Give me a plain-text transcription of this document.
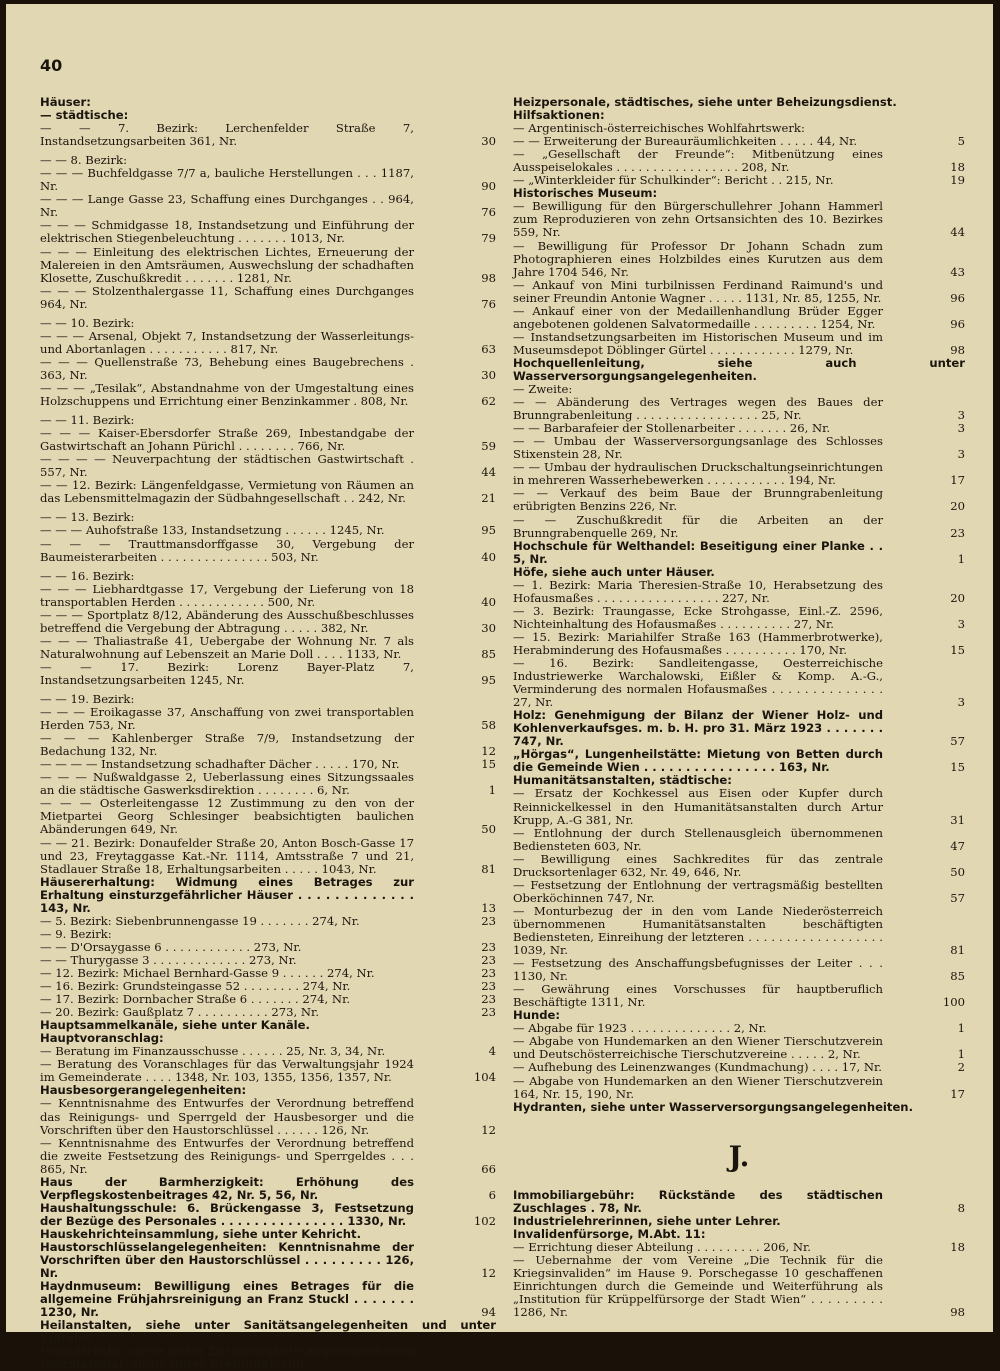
40
Häuser:
— städtische:
— — 7. Bezirk: Lerchenfelder Straße 7, Instandsetzungsarbeiten 361, Nr.	30
— — 8. Bezirk:
— — — Buchfeldgasse 7/7 a, bauliche Herstellungen . . . 1187, Nr.	90
— — — Lange Gasse 23, Schaffung eines Durchganges . . 964, Nr.	76
— — — Schmidgasse 18, Instandsetzung und Einführung der elektrischen Stiegenbeleuchtung . . . . . . . 1013, Nr.	79
— — — Einleitung des elektrischen Lichtes, Erneuerung der Malereien in den Amtsräumen, Auswechslung der schadhaften Klosette, Zuschußkredit . . . . . . . 1281, Nr.	98
— — — Stolzenthalergasse 11, Schaffung eines Durchganges 964, Nr.	76
— — 10. Bezirk:
— — — Arsenal, Objekt 7, Instandsetzung der Wasserleitungs- und Abortanlagen . . . . . . . . . . . 817, Nr.	63
— — — Quellenstraße 73, Behebung eines Baugebrechens . 363, Nr.	30
— — — „Tesilak“, Abstandnahme von der Umgestaltung eines Holzschuppens und Errichtung einer Benzinkammer . 808, Nr.	62
— — 11. Bezirk:
— — — Kaiser-Ebersdorfer Straße 269, Inbestandgabe der Gastwirtschaft an Johann Pürichl . . . . . . . . 766, Nr.	59
— — — — Neuverpachtung der städtischen Gastwirtschaft . 557, Nr.	44
— — 12. Bezirk: Längenfeldgasse, Vermietung von Räumen an das Lebensmittelmagazin der Südbahngesellschaft . . 242, Nr.	21
— — 13. Bezirk:
— — — Auhofstraße 133, Instandsetzung . . . . . . 1245, Nr.	95
— — — Trauttmansdorffgasse 30, Vergebung der Baumeisterarbeiten . . . . . . . . . . . . . . . 503, Nr.	40
— — 16. Bezirk:
— — — Liebhardtgasse 17, Vergebung der Lieferung von 18 transportablen Herden . . . . . . . . . . . . 500, Nr.	40
— — — Sportplatz 8/12, Abänderung des Ausschußbeschlusses betreffend die Vergebung der Abtragung . . . . . 382, Nr.	30
— — — Thaliastraße 41, Uebergabe der Wohnung Nr. 7 als Naturalwohnung auf Lebenszeit an Marie Doll . . . . 1133, Nr.	85
— — 17. Bezirk: Lorenz Bayer-Platz 7, Instandsetzungsarbeiten 1245, Nr.	95
— — 19. Bezirk:
— — — Eroikagasse 37, Anschaffung von zwei transportablen Herden 753, Nr.	58
— — — Kahlenberger Straße 7/9, Instandsetzung der Bedachung 132, Nr.	12
— — — — Instandsetzung schadhafter Dächer . . . . . 170, Nr.	15
— — — Nußwaldgasse 2, Ueberlassung eines Sitzungssaales an die städtische Gaswerksdirektion . . . . . . . . 6, Nr.	1
— — — Osterleitengasse 12 Zustimmung zu den von der Mietpartei Georg Schlesinger beabsichtigten baulichen Abänderungen 649, Nr.	50
— — 21. Bezirk: Donaufelder Straße 20, Anton Bosch-Gasse 17 und 23, Freytaggasse Kat.-Nr. 1114, Amtsstraße 7 und 21, Stadlauer Straße 18, Erhaltungsarbeiten . . . . . 1043, Nr.	81
Häusererhaltung: Widmung eines Betrages zur Erhaltung einsturzgefährlicher Häuser . . . . . . . . . . . . . 143, Nr.	13
— 5. Bezirk: Siebenbrunnengasse 19 . . . . . . . 274, Nr.	23
— 9. Bezirk:
— — D'Orsaygasse 6 . . . . . . . . . . . . 273, Nr.	23
— — Thurygasse 3 . . . . . . . . . . . . . 273, Nr.	23
— 12. Bezirk: Michael Bernhard-Gasse 9 . . . . . . 274, Nr.	23
— 16. Bezirk: Grundsteingasse 52 . . . . . . . . 274, Nr.	23
— 17. Bezirk: Dornbacher Straße 6 . . . . . . . 274, Nr.	23
— 20. Bezirk: Gaußplatz 7 . . . . . . . . . . 273, Nr.	23
Hauptsammelkanäle, siehe unter Kanäle.
Hauptvoranschlag:
— Beratung im Finanzausschusse . . . . . . 25, Nr. 3, 34, Nr.	4
— Beratung des Voranschlages für das Verwaltungsjahr 1924 im Gemeinderate . . . . 1348, Nr. 103, 1355, 1356, 1357, Nr.	104
Hausbesorgerangelegenheiten:
— Kenntnisnahme des Entwurfes der Verordnung betreffend das Reinigungs- und Sperrgeld der Hausbesorger und die Vorschriften über den Haustorschlüssel . . . . . . 126, Nr.	12
— Kenntnisnahme des Entwurfes der Verordnung betreffend die zweite Festsetzung des Reinigungs- und Sperrgeldes . . . 865, Nr.	66
Haus der Barmherzigkeit: Erhöhung des Verpflegskostenbeitrages 42, Nr. 5, 56, Nr.	6
Haushaltungsschule: 6. Brückengasse 3, Festsetzung der Bezüge des Personales . . . . . . . . . . . . . . . 1330, Nr.	102
Hauskehrichteinsammlung, siehe unter Kehricht.
Haustorschlüsselangelegenheiten: Kenntnisnahme der Vorschriften über den Haustorschlüssel . . . . . . . . . 126, Nr.	12
Haydnmuseum: Bewilligung eines Betrages für die allgemeine Frühjahrsreinigung an Franz Stuckl . . . . . . . 1230, Nr.	94
Heilanstalten, siehe unter Sanitätsangelegenheiten und unter Spitäler.
Heimatrecht, siehe unter Zuständigkeitsangelegenheiten.
Heizmaterial, siehe unter Brennmaterial.
Heizpersonale, städtisches, siehe unter Beheizungsdienst.
Hilfsaktionen:
— Argentinisch-österreichisches Wohlfahrtswerk:
— — Erweiterung der Bureauräumlichkeiten . . . . . 44, Nr.	5
— „Gesellschaft der Freunde“: Mitbenützung eines Ausspeiselokales . . . . . . . . . . . . . . . . . 208, Nr.	18
— „Winterkleider für Schulkinder“: Bericht . . 215, Nr.	19
Historisches Museum:
— Bewilligung für den Bürgerschullehrer Johann Hammerl zum Reproduzieren von zehn Ortsansichten des 10. Bezirkes 559, Nr.	44
— Bewilligung für Professor Dr Johann Schadn zum Photographieren eines Holzbildes eines Kurutzen aus dem Jahre 1704 546, Nr.	43
— Ankauf von Mini turbilnissen Ferdinand Raimund's und seiner Freundin Antonie Wagner . . . . . 1131, Nr. 85, 1255, Nr.	96
— Ankauf einer von der Medaillenhandlung Brüder Egger angebotenen goldenen Salvatormedaille . . . . . . . . . 1254, Nr.	96
— Instandsetzungsarbeiten im Historischen Museum und im Museumsdepot Döblinger Gürtel . . . . . . . . . . . . 1279, Nr.	98
Hochquellenleitung, siehe auch unter Wasserversorgungsangelegenheiten.
— Zweite:
— — Abänderung des Vertrages wegen des Baues der Brunngrabenleitung . . . . . . . . . . . . . . . . . 25, Nr.	3
— — Barbarafeier der Stollenarbeiter . . . . . . . 26, Nr.	3
— — Umbau der Wasserversorgungsanlage des Schlosses Stixenstein 28, Nr.	3
— — Umbau der hydraulischen Druckschaltungseinrichtungen in mehreren Wasserhebewerken . . . . . . . . . . . 194, Nr.	17
— — Verkauf des beim Baue der Brunngrabenleitung erübrigten Benzins 226, Nr.	20
— — Zuschußkredit für die Arbeiten an der Brunngrabenquelle 269, Nr.	23
Hochschule für Welthandel: Beseitigung einer Planke . . 5, Nr.	1
Höfe, siehe auch unter Häuser.
— 1. Bezirk: Maria Theresien-Straße 10, Herabsetzung des Hofausmaßes . . . . . . . . . . . . . . . . . 227, Nr.	20
— 3. Bezirk: Traungasse, Ecke Strohgasse, Einl.-Z. 2596, Nichteinhaltung des Hofausmaßes . . . . . . . . . . 27, Nr.	3
— 15. Bezirk: Mariahilfer Straße 163 (Hammerbrotwerke), Herabminderung des Hofausmaßes . . . . . . . . . . 170, Nr.	15
— 16. Bezirk: Sandleitengasse, Oesterreichische Industriewerke Warchalowski, Eißler & Komp. A.-G., Verminderung des normalen Hofausmaßes . . . . . . . . . . . . . . 27, Nr.	3
Holz: Genehmigung der Bilanz der Wiener Holz- und Kohlenverkaufsges. m. b. H. pro 31. März 1923 . . . . . . . 747, Nr.	57
„Hörgas“, Lungenheilstätte: Mietung von Betten durch die Gemeinde Wien . . . . . . . . . . . . . . . . 163, Nr.	15
Humanitätsanstalten, städtische:
— Ersatz der Kochkessel aus Eisen oder Kupfer durch Reinnickelkessel in den Humanitätsanstalten durch Artur Krupp, A.-G 381, Nr.	31
— Entlohnung der durch Stellenausgleich übernommenen Bediensteten 603, Nr.	47
— Bewilligung eines Sachkredites für das zentrale Drucksortenlager 632, Nr. 49, 646, Nr.	50
— Festsetzung der Entlohnung der vertragsmäßig bestellten Oberköchinnen 747, Nr.	57
— Monturbezug der in den vom Lande Niederösterreich übernommenen Humanitätsanstalten beschäftigten Bediensteten, Einreihung der letzteren . . . . . . . . . . . . . . . . . . 1039, Nr.	81
— Festsetzung des Anschaffungsbefugnisses der Leiter . . . 1130, Nr.	85
— Gewährung eines Vorschusses für hauptberuflich Beschäftigte 1311, Nr.	100
Hunde:
— Abgabe für 1923 . . . . . . . . . . . . . . 2, Nr.	1
— Abgabe von Hundemarken an den Wiener Tierschutzverein und Deutschösterreichische Tierschutzvereine . . . . . 2, Nr.	1
— Aufhebung des Leinenzwanges (Kundmachung) . . . . 17, Nr.	2
— Abgabe von Hundemarken an den Wiener Tierschutzverein 164, Nr. 15, 190, Nr.	17
Hydranten, siehe unter Wasserversorgungsangelegenheiten.
J.
Immobiliargebühr: Rückstände des städtischen Zuschlages . 78, Nr.	8
Industrielehrerinnen, siehe unter Lehrer.
Invalidenfürsorge, M.Abt. 11:
— Errichtung dieser Abteilung . . . . . . . . . 206, Nr.	18
— Uebernahme der vom Vereine „Die Technik für die Kriegsinvaliden“ im Hause 9. Porschegasse 10 geschaffenen Einrichtungen durch die Gemeinde und Weiterführung als „Institution für Krüppelfürsorge der Stadt Wien“ . . . . . . . . . 1286, Nr.	98
